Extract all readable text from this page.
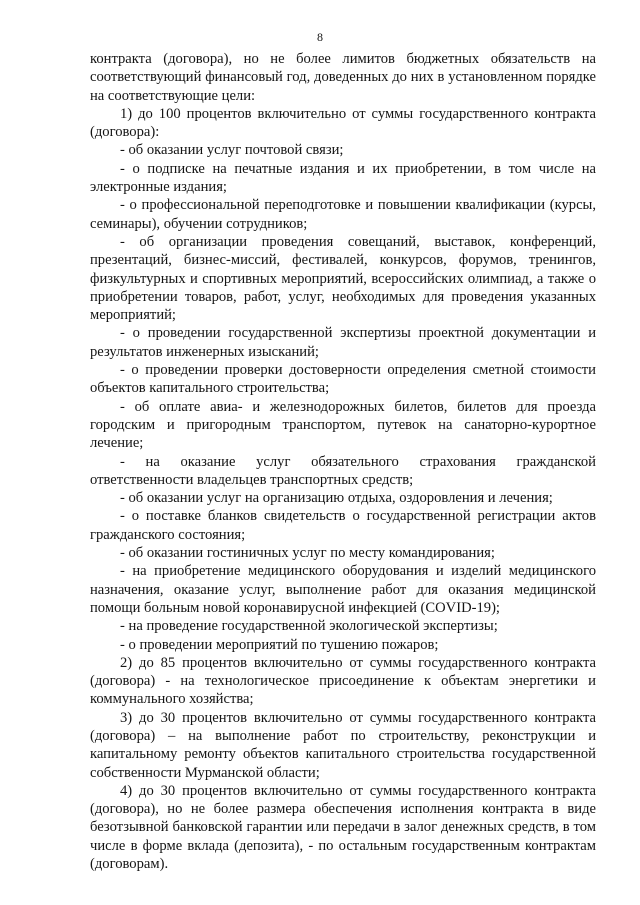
8

контракта (договора), но не более лимитов бюджетных обязательств на соответствующий финансовый год, доведенных до них в установленном порядке на соответствующие цели:

1) до 100 процентов включительно от суммы государственного контракта (договора):

- об оказании услуг почтовой связи;

- о подписке на печатные издания и их приобретении, в том числе на электронные издания;

- о профессиональной переподготовке и повышении квалификации (курсы, семинары), обучении сотрудников;

- об организации проведения совещаний, выставок, конференций, презентаций, бизнес-миссий, фестивалей, конкурсов, форумов, тренингов, физкультурных и спортивных мероприятий, всероссийских олимпиад, а также о приобретении товаров, работ, услуг, необходимых для проведения указанных мероприятий;

- о проведении государственной экспертизы проектной документации и результатов инженерных изысканий;

- о проведении проверки достоверности определения сметной стоимости объектов капитального строительства;

- об оплате авиа- и железнодорожных билетов, билетов для проезда городским и пригородным транспортом, путевок на санаторно-курортное лечение;

- на оказание услуг обязательного страхования гражданской ответственности владельцев транспортных средств;

- об оказании услуг на организацию отдыха, оздоровления и лечения;

- о поставке бланков свидетельств о государственной регистрации актов гражданского состояния;

- об оказании гостиничных услуг по месту командирования;

- на приобретение медицинского оборудования и изделий медицинского назначения, оказание услуг, выполнение работ для оказания медицинской помощи больным новой коронавирусной инфекцией (COVID-19);

- на проведение государственной экологической экспертизы;

- о проведении мероприятий по тушению пожаров;

2) до 85 процентов включительно от суммы государственного контракта (договора) - на технологическое присоединение к объектам энергетики и коммунального хозяйства;

3) до 30 процентов включительно от суммы государственного контракта (договора) – на выполнение работ по строительству, реконструкции и капитальному ремонту объектов капитального строительства государственной собственности Мурманской области;

4) до 30 процентов включительно от суммы государственного контракта (договора), но не более размера обеспечения исполнения контракта в виде безотзывной банковской гарантии или передачи в залог денежных средств, в том числе в форме вклада (депозита), - по остальным государственным контрактам (договорам).
